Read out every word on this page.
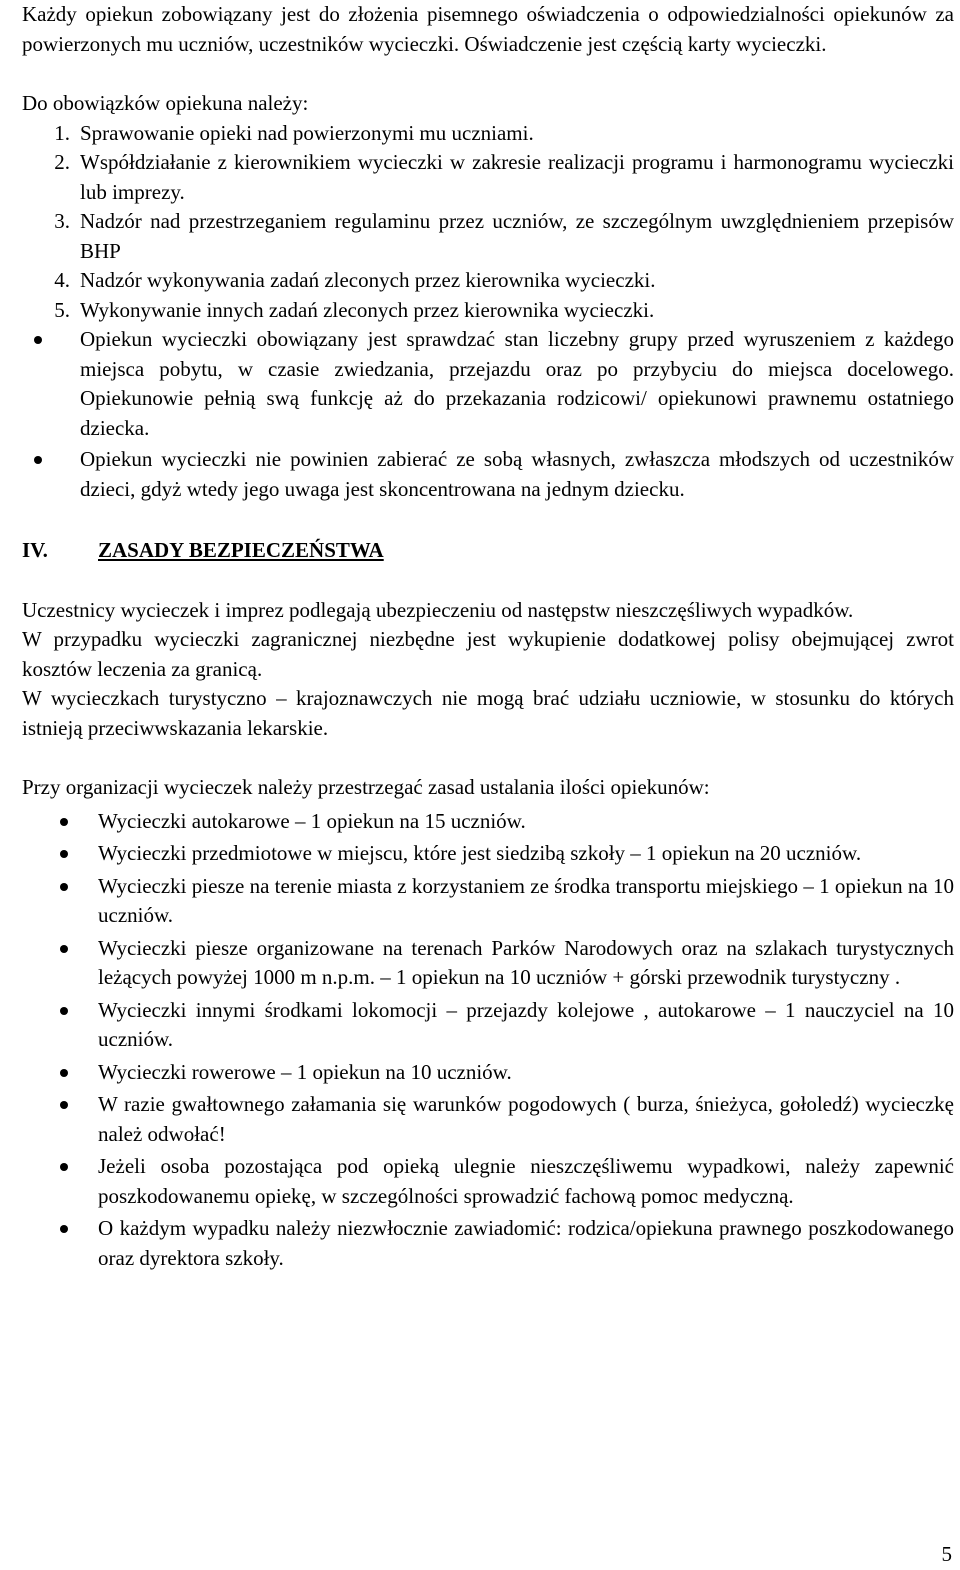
Każdy opiekun zobowiązany jest do złożenia pisemnego oświadczenia o odpowiedzialności opiekunów za powierzonych mu uczniów, uczestników wycieczki. Oświadczenie jest częścią karty wycieczki.

Do obowiązków opiekuna należy:

1. Sprawowanie opieki nad powierzonymi mu uczniami.
2. Współdziałanie z kierownikiem wycieczki w zakresie realizacji programu i harmonogramu wycieczki lub imprezy.
3. Nadzór nad przestrzeganiem regulaminu przez uczniów, ze szczególnym uwzględnieniem przepisów BHP
4. Nadzór wykonywania zadań zleconych przez kierownika wycieczki.
5. Wykonywanie innych zadań zleconych przez kierownika wycieczki.
Opiekun wycieczki obowiązany jest sprawdzać stan liczebny grupy przed wyruszeniem z każdego miejsca pobytu, w czasie zwiedzania, przejazdu oraz po przybyciu do miejsca docelowego. Opiekunowie pełnią swą funkcję aż do przekazania rodzicowi/ opiekunowi prawnemu ostatniego dziecka.
Opiekun wycieczki nie powinien zabierać ze sobą własnych, zwłaszcza młodszych od uczestników dzieci, gdyż wtedy jego uwaga jest skoncentrowana na jednym dziecku.
IV.	ZASADY BEZPIECZEŃSTWA

Uczestnicy wycieczek i imprez podlegają ubezpieczeniu od następstw nieszczęśliwych wypadków.

W przypadku wycieczki zagranicznej niezbędne jest wykupienie dodatkowej polisy obejmującej zwrot kosztów leczenia za granicą.

W wycieczkach turystyczno – krajoznawczych nie mogą brać udziału uczniowie, w stosunku do których istnieją przeciwwskazania lekarskie.

Przy organizacji wycieczek należy przestrzegać zasad ustalania ilości opiekunów:

Wycieczki autokarowe – 1 opiekun na 15 uczniów.
Wycieczki przedmiotowe w miejscu, które jest siedzibą szkoły – 1 opiekun na 20 uczniów.
Wycieczki piesze na terenie miasta z korzystaniem ze środka transportu miejskiego – 1 opiekun na 10 uczniów.
Wycieczki piesze organizowane na terenach Parków Narodowych oraz na szlakach turystycznych leżących powyżej 1000 m n.p.m. – 1 opiekun na 10 uczniów + górski przewodnik turystyczny .
Wycieczki innymi środkami lokomocji – przejazdy kolejowe , autokarowe – 1 nauczyciel na 10 uczniów.
Wycieczki rowerowe – 1 opiekun na 10 uczniów.
W razie gwałtownego załamania się warunków pogodowych ( burza, śnieżyca, gołoledź) wycieczkę należ odwołać!
Jeżeli osoba pozostająca pod opieką ulegnie nieszczęśliwemu wypadkowi, należy zapewnić poszkodowanemu opiekę, w szczególności sprowadzić fachową pomoc medyczną.
O każdym wypadku należy niezwłocznie zawiadomić: rodzica/opiekuna prawnego poszkodowanego oraz dyrektora szkoły.
5
